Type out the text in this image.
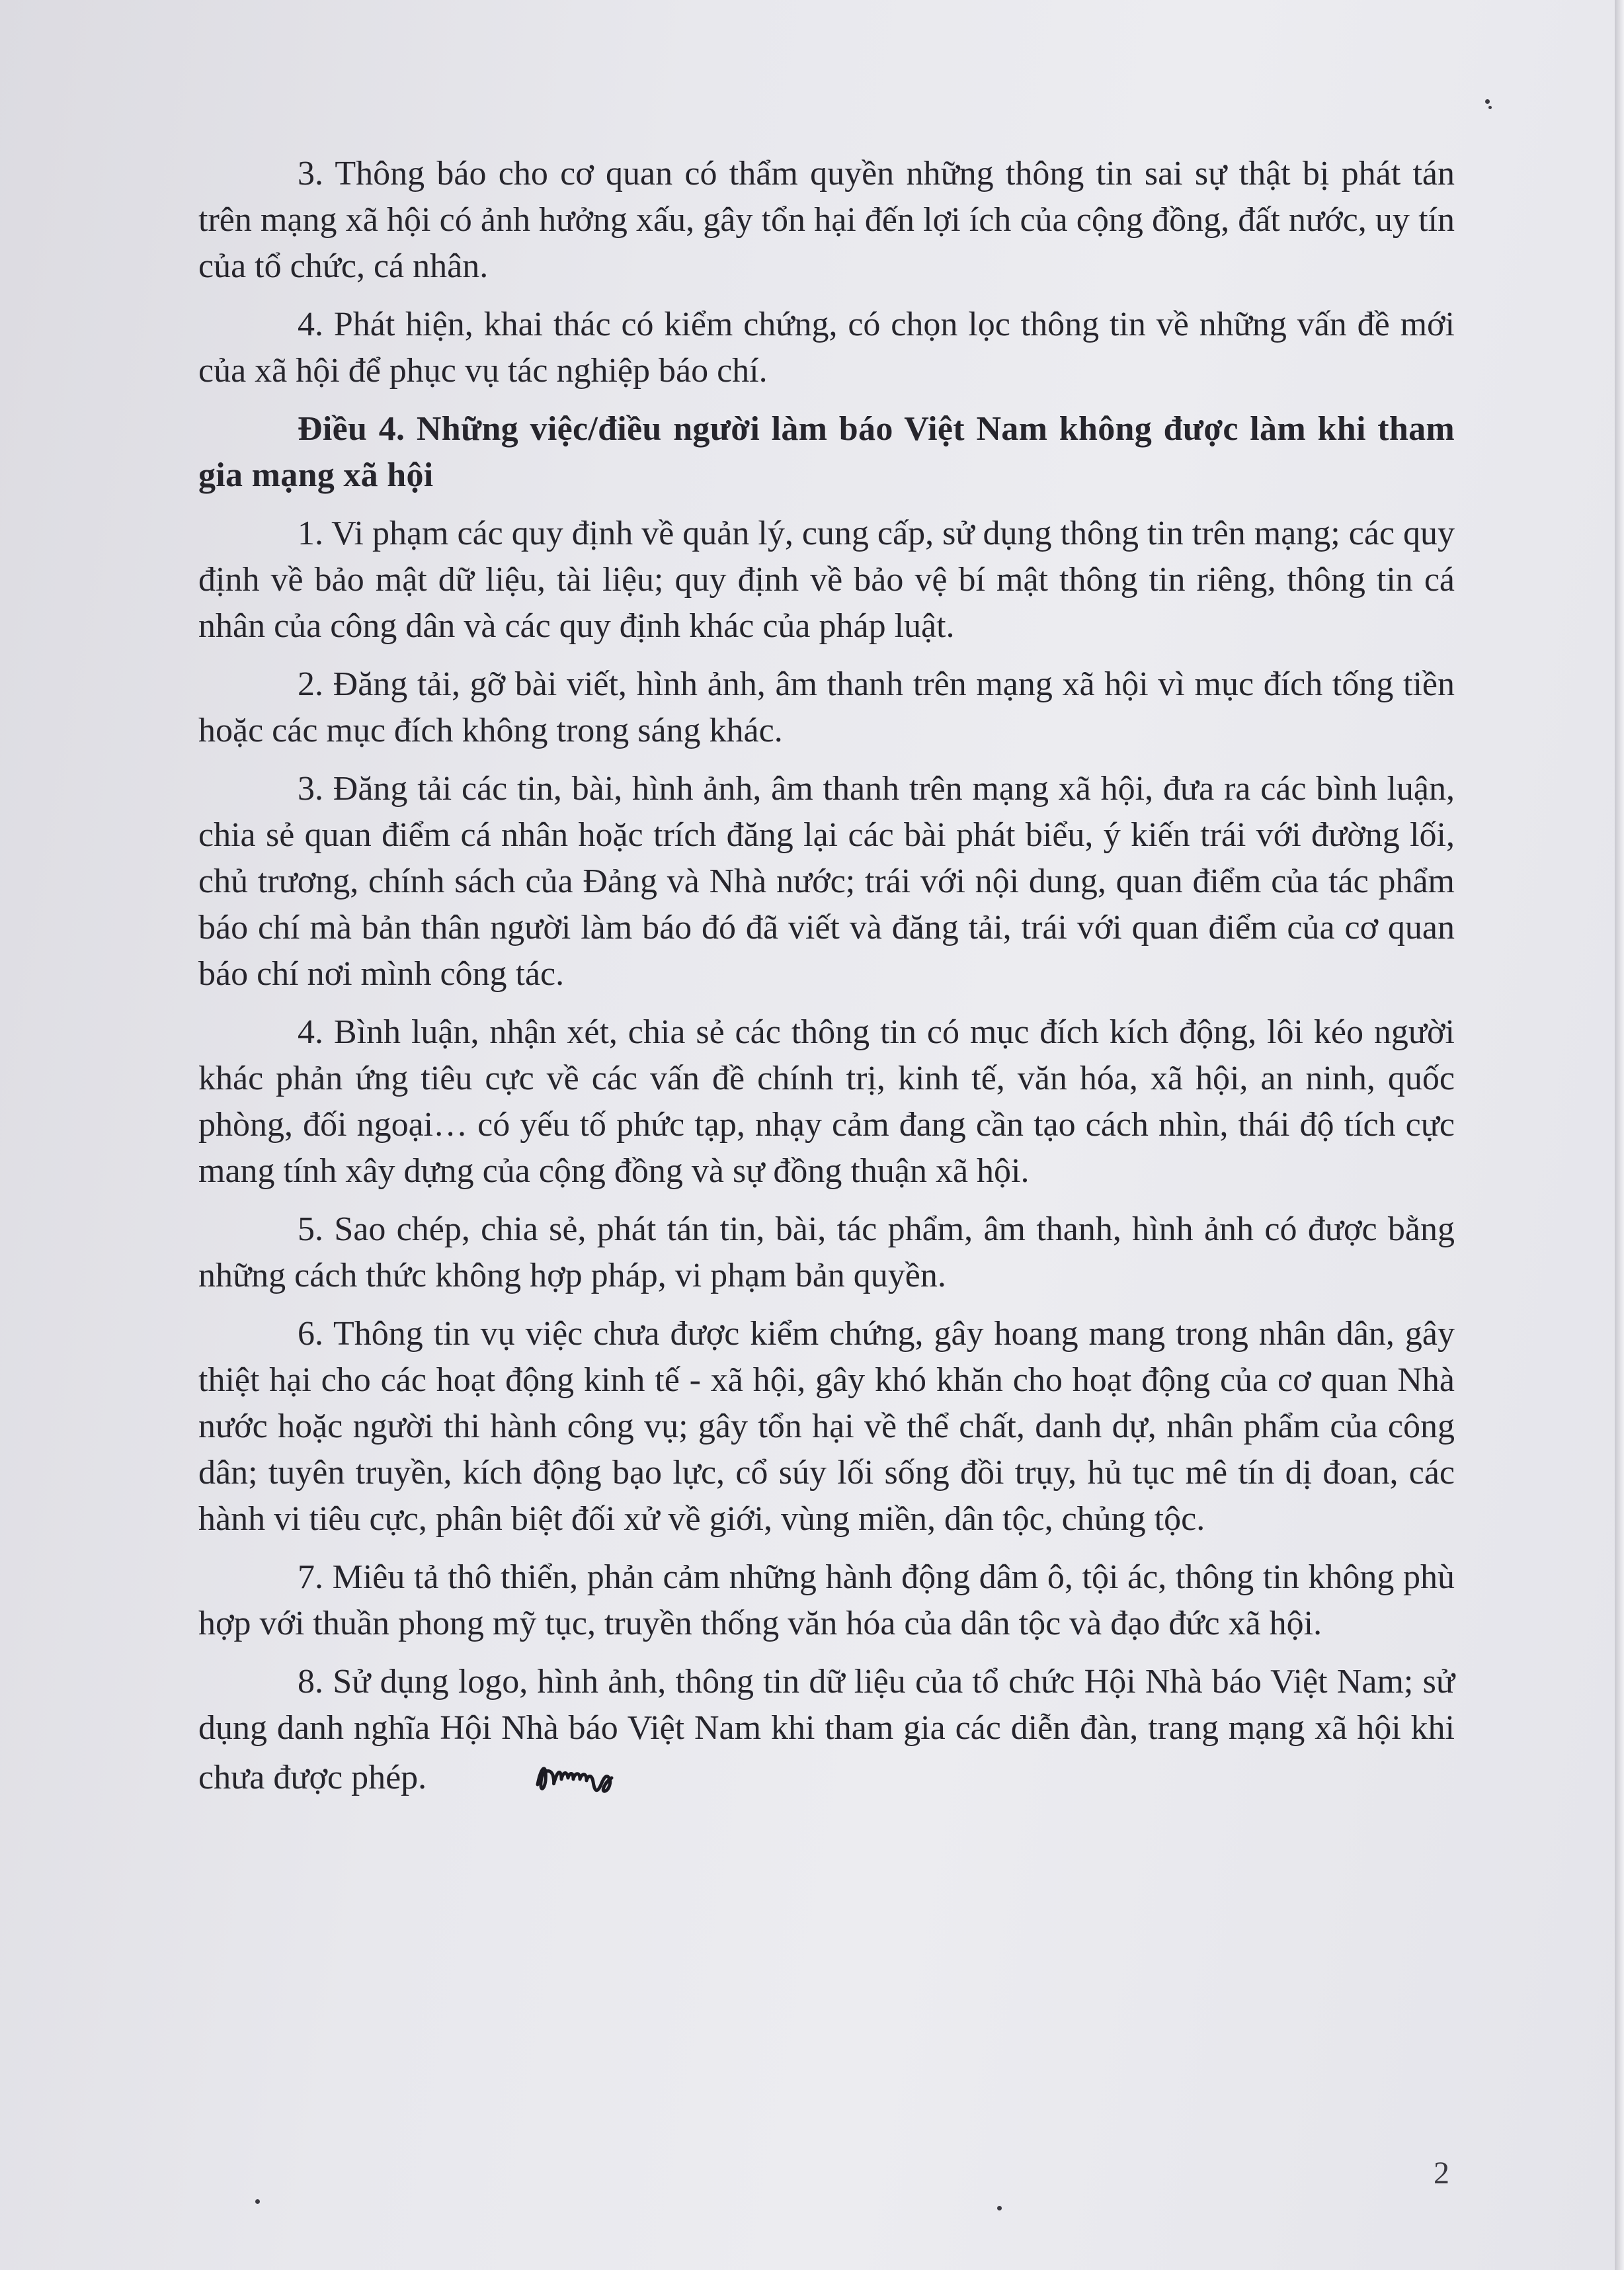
3. Thông báo cho cơ quan có thẩm quyền những thông tin sai sự thật bị phát tán trên mạng xã hội có ảnh hưởng xấu, gây tổn hại đến lợi ích của cộng đồng, đất nước, uy tín của tổ chức, cá nhân.

4. Phát hiện, khai thác có kiểm chứng, có chọn lọc thông tin về những vấn đề mới của xã hội để phục vụ tác nghiệp báo chí.

Điều 4. Những việc/điều người làm báo Việt Nam không được làm khi tham gia mạng xã hội

1. Vi phạm các quy định về quản lý, cung cấp, sử dụng thông tin trên mạng; các quy định về bảo mật dữ liệu, tài liệu; quy định về bảo vệ bí mật thông tin riêng, thông tin cá nhân của công dân và các quy định khác của pháp luật.

2. Đăng tải, gỡ bài viết, hình ảnh, âm thanh trên mạng xã hội vì mục đích tống tiền hoặc các mục đích không trong sáng khác.

3. Đăng tải các tin, bài, hình ảnh, âm thanh trên mạng xã hội, đưa ra các bình luận, chia sẻ quan điểm cá nhân hoặc trích đăng lại các bài phát biểu, ý kiến trái với đường lối, chủ trương, chính sách của Đảng và Nhà nước; trái với nội dung, quan điểm của tác phẩm báo chí mà bản thân người làm báo đó đã viết và đăng tải, trái với quan điểm của cơ quan báo chí nơi mình công tác.

4. Bình luận, nhận xét, chia sẻ các thông tin có mục đích kích động, lôi kéo người khác phản ứng tiêu cực về các vấn đề chính trị, kinh tế, văn hóa, xã hội, an ninh, quốc phòng, đối ngoại… có yếu tố phức tạp, nhạy cảm đang cần tạo cách nhìn, thái độ tích cực mang tính xây dựng của cộng đồng và sự đồng thuận xã hội.

5. Sao chép, chia sẻ, phát tán tin, bài, tác phẩm, âm thanh, hình ảnh có được bằng những cách thức không hợp pháp, vi phạm bản quyền.

6. Thông tin vụ việc chưa được kiểm chứng, gây hoang mang trong nhân dân, gây thiệt hại cho các hoạt động kinh tế - xã hội, gây khó khăn cho hoạt động của cơ quan Nhà nước hoặc người thi hành công vụ; gây tổn hại về thể chất, danh dự, nhân phẩm của công dân; tuyên truyền, kích động bạo lực, cổ súy lối sống đồi trụy, hủ tục mê tín dị đoan, các hành vi tiêu cực, phân biệt đối xử về giới, vùng miền, dân tộc, chủng tộc.

7. Miêu tả thô thiển, phản cảm những hành động dâm ô, tội ác, thông tin không phù hợp với thuần phong mỹ tục, truyền thống văn hóa của dân tộc và đạo đức xã hội.

8. Sử dụng logo, hình ảnh, thông tin dữ liệu của tổ chức Hội Nhà báo Việt Nam; sử dụng danh nghĩa Hội Nhà báo Việt Nam khi tham gia các diễn đàn, trang mạng xã hội khi chưa được phép.

2
